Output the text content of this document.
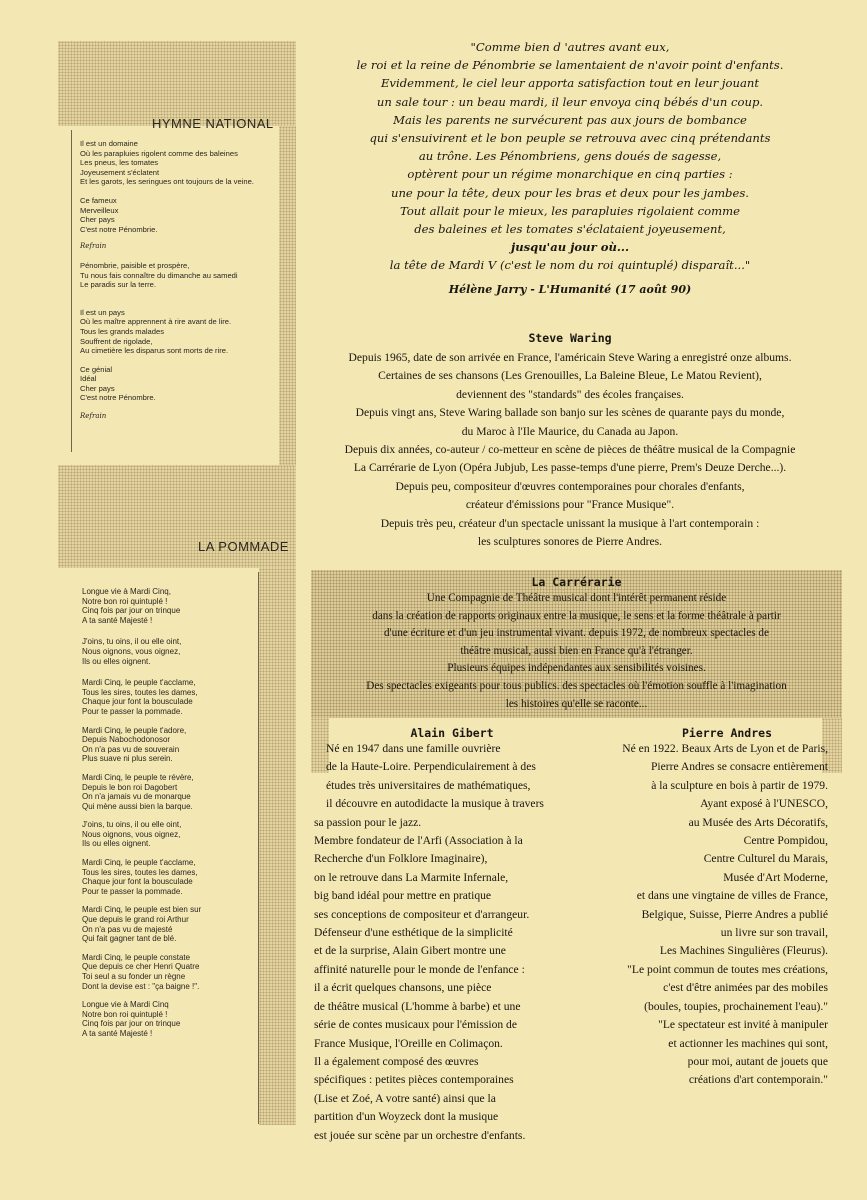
HYMNE NATIONAL
Il est un domaine
Où les parapluies rigolent comme des baleines
Les pneus, les tomates
Joyeusement s'éclatent
Et les garots, les seringues ont toujours de la veine.
Ce fameux
Merveilleux
Cher pays
C'est notre Pénombrie.
Refrain
Pénombrie, paisible et prospère,
Tu nous fais connaître du dimanche au samedi
Le paradis sur la terre.
Il est un pays
Où les maître apprennent à rire avant de lire.
Tous les grands malades
Souffrent de rigolade,
Au cimetière les disparus sont morts de rire.
Ce génial
Idéal
Cher pays
C'est notre Pénombre.
Refrain
LA POMMADE
Longue vie à Mardi Cinq,
Notre bon roi quintuplé !
Cinq fois par jour on trinque
A ta santé Majesté !
J'oins, tu oins, il ou elle oint,
Nous oignons, vous oignez,
Ils ou elles oignent.
Mardi Cinq, le peuple t'acclame,
Tous les sires, toutes les dames,
Chaque jour font la bousculade
Pour te passer la pommade.
Mardi Cinq, le peuple t'adore,
Depuis Nabochodonosor
On n'a pas vu de souverain
Plus suave ni plus serein.
Mardi Cinq, le peuple te révère,
Depuis le bon roi Dagobert
On n'a jamais vu de monarque
Qui mène aussi bien la barque.
J'oins, tu oins, il ou elle oint,
Nous oignons, vous oignez,
Ils ou elles oignent.
Mardi Cinq, le peuple t'acclame,
Tous les sires, toutes les dames,
Chaque jour font la bousculade
Pour te passer la pommade.
Mardi Cinq, le peuple est bien sur
Que depuis le grand roi Arthur
On n'a pas vu de majesté
Qui fait gagner tant de blé.
Mardi Cinq, le peuple constate
Que depuis ce cher Henri Quatre
Toi seul a su fonder un règne
Dont la devise est : "ça baigne !".
Longue vie à Mardi Cinq
Notre bon roi quintuplé !
Cinq fois par jour on trinque
A ta santé Majesté !
"Comme bien d 'autres avant eux,
le roi et la reine de Pénombrie se lamentaient de n'avoir point d'enfants.
Evidemment, le ciel leur apporta satisfaction tout en leur jouant
un sale tour : un beau mardi, il leur envoya cinq bébés d'un coup.
Mais les parents ne survécurent pas aux jours de bombance
qui s'ensuivirent et le bon peuple se retrouva avec cinq prétendants
au trône. Les Pénombriens, gens doués de sagesse,
optèrent pour un régime monarchique en cinq parties :
une pour la tête, deux pour les bras et deux pour les jambes.
Tout allait pour le mieux, les parapluies rigolaient comme
des baleines et les tomates s'éclataient joyeusement,
jusqu'au jour où...
la tête de Mardi V (c'est le nom du roi quintuplé) disparaît..."
Hélène Jarry - L'Humanité (17 août 90)
Steve Waring
Depuis 1965, date de son arrivée en France, l'américain Steve Waring a enregistré onze albums.
Certaines de ses chansons (Les Grenouilles, La Baleine Bleue, Le Matou Revient),
deviennent des "standards" des écoles françaises.
Depuis vingt ans, Steve Waring ballade son banjo sur les scènes de quarante pays du monde,
du Maroc à l'Ile Maurice, du Canada au Japon.
Depuis dix années, co-auteur / co-metteur en scène de pièces de théâtre musical de la Compagnie
La Carrérarie de Lyon (Opéra Jubjub, Les passe-temps d'une pierre, Prem's Deuze Derche...).
Depuis peu, compositeur d'œuvres contemporaines pour chorales d'enfants,
créateur d'émissions pour "France Musique".
Depuis très peu, créateur d'un spectacle unissant la musique à l'art contemporain :
les sculptures sonores de Pierre Andres.
La Carrérarie
Une Compagnie de Théâtre musical dont l'intérêt permanent réside
dans la création de rapports originaux entre la musique, le sens et la forme théâtrale à partir
d'une écriture et d'un jeu instrumental vivant. depuis 1972, de nombreux spectacles de
théâtre musical, aussi bien en France qu'à l'étranger.
Plusieurs équipes indépendantes aux sensibilités voisines.
Des spectacles exigeants pour tous publics. des spectacles où l'émotion souffle à l'imagination
les histoires qu'elle se raconte...
Alain Gibert
Né en 1947 dans une famille ouvrière
de la Haute-Loire. Perpendiculairement à des
études très universitaires de mathématiques,
il découvre en autodidacte la musique à travers
sa passion pour le jazz.
Membre fondateur de l'Arfi (Association à la
Recherche d'un Folklore Imaginaire),
on le retrouve dans La Marmite Infernale,
big band idéal pour mettre en pratique
ses conceptions de compositeur et d'arrangeur.
Défenseur d'une esthétique de la simplicité
et de la surprise, Alain Gibert montre une
affinité naturelle pour le monde de l'enfance :
il a écrit quelques chansons, une pièce
de théâtre musical (L'homme à barbe) et une
série de contes musicaux pour l'émission de
France Musique, l'Oreille en Colimaçon.
Il a également composé des œuvres
spécifiques : petites pièces contemporaines
(Lise et Zoé, A votre santé) ainsi que la
partition d'un Woyzeck dont la musique
est jouée sur scène par un orchestre d'enfants.
Pierre Andres
Né en 1922. Beaux Arts de Lyon et de Paris,
Pierre Andres se consacre entièrement
à la sculpture en bois à partir de 1979.
Ayant exposé à l'UNESCO,
au Musée des Arts Décoratifs,
Centre Pompidou,
Centre Culturel du Marais,
Musée d'Art Moderne,
et dans une vingtaine de villes de France,
Belgique, Suisse, Pierre Andres a publié
un livre sur son travail,
Les Machines Singulières (Fleurus).
"Le point commun de toutes mes créations,
c'est d'être animées par des mobiles
(boules, toupies, prochainement l'eau)."
"Le spectateur est invité à manipuler
et actionner les machines qui sont,
pour moi, autant de jouets que
créations d'art contemporain."
